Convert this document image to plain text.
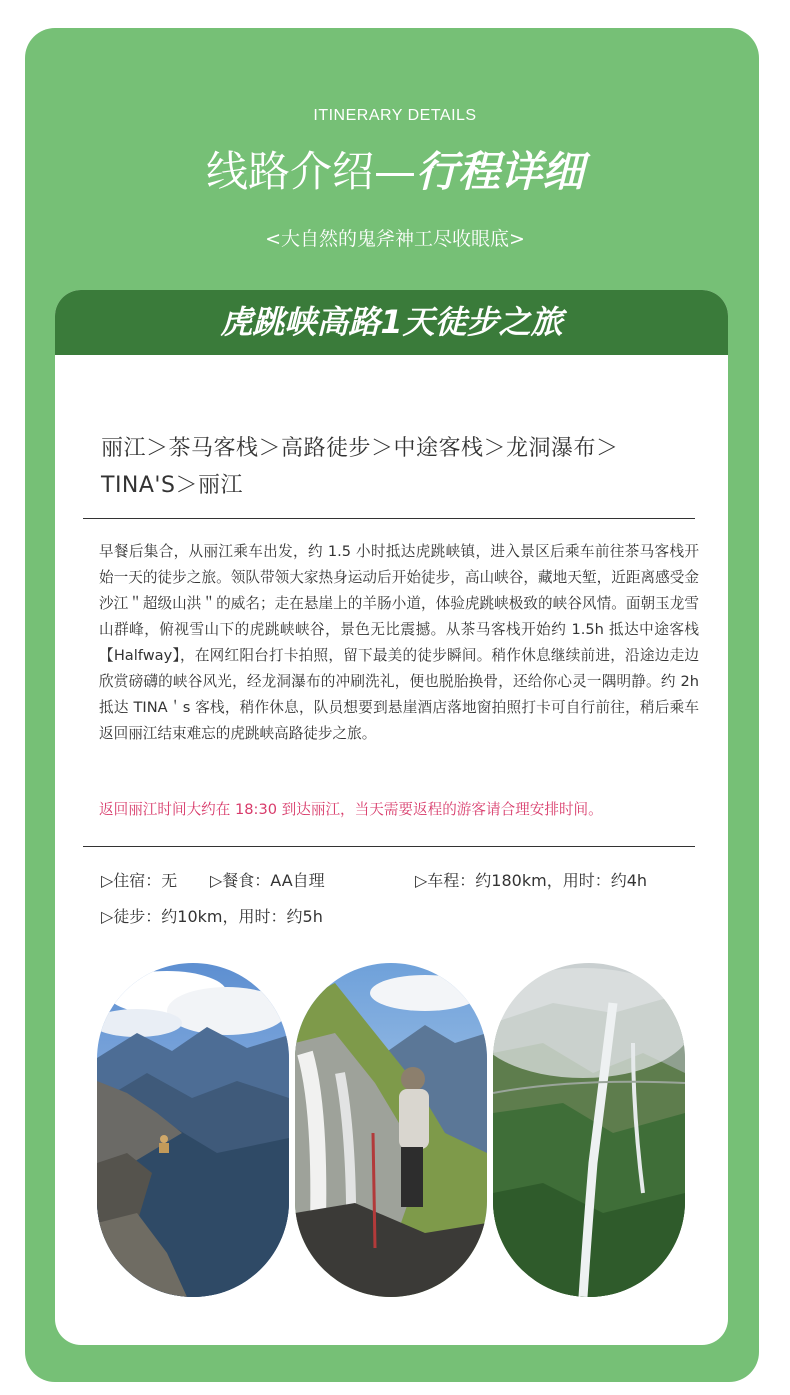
ITINERARY DETAILS
线路介绍—行程详细
<大自然的鬼斧神工尽收眼底>
虎跳峡高路1天徒步之旅
丽江＞茶马客栈＞高路徒步＞中途客栈＞龙洞瀑布＞
TINA'S＞丽江
早餐后集合，从丽江乘车出发，约 1.5 小时抵达虎跳峡镇，进入景区后乘车前往茶马客栈开始一天的徒步之旅。领队带领大家热身运动后开始徒步，高山峡谷，藏地天堑，近距离感受金沙江＂超级山洪＂的威名；走在悬崖上的羊肠小道，体验虎跳峡极致的峡谷风情。面朝玉龙雪山群峰，俯视雪山下的虎跳峡峡谷，景色无比震撼。从茶马客栈开始约 1.5h 抵达中途客栈【Halfway】，在网红阳台打卡拍照，留下最美的徒步瞬间。稍作休息继续前进，沿途边走边欣赏磅礴的峡谷风光，经龙洞瀑布的冲刷洗礼，便也脱胎换骨，还给你心灵一隅明静。约 2h 抵达 TINA＇s 客栈，稍作休息，队员想要到悬崖酒店落地窗拍照打卡可自行前往，稍后乘车返回丽江结束难忘的虎跳峡高路徒步之旅。
返回丽江时间大约在 18:30 到达丽江，当天需要返程的游客请合理安排时间。
▷住宿：无 ▷餐食：AA自理	▷车程：约180km，用时：约4h
▷徒步：约10km，用时：约5h
